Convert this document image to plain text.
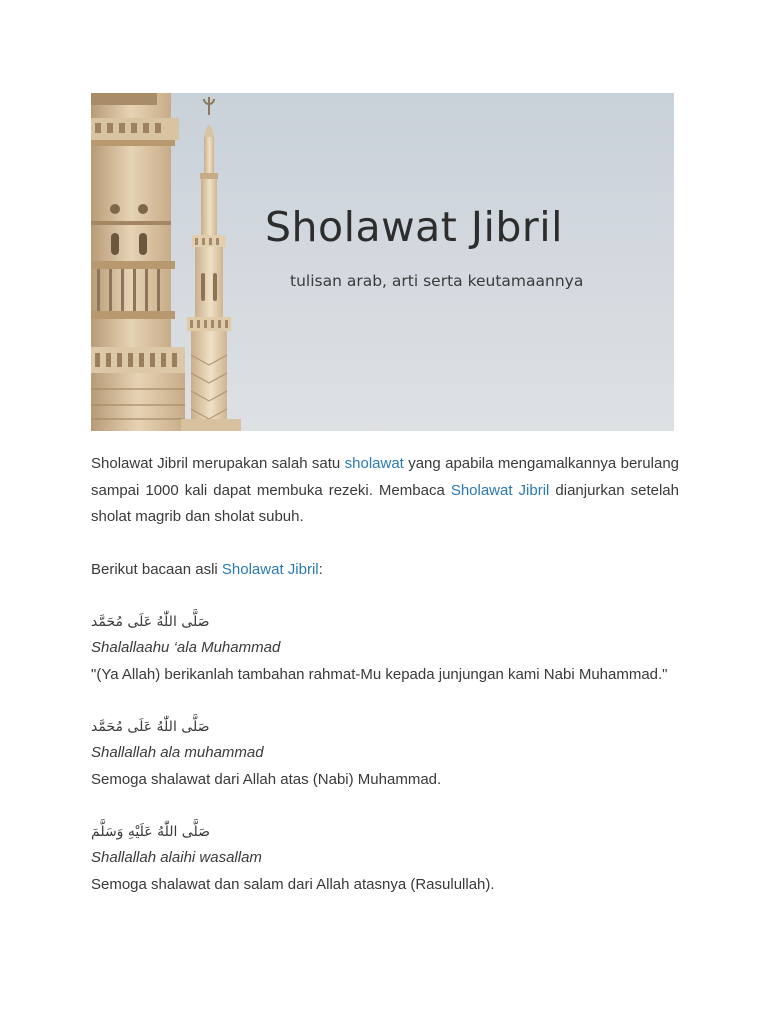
Sholawat Jibril
tulisan arab, arti serta keutamaannya

Sholawat Jibril merupakan salah satu sholawat yang apabila mengamalkannya berulang sampai 1000 kali dapat membuka rezeki. Membaca Sholawat Jibril dianjurkan setelah sholat magrib dan sholat subuh.

Berikut bacaan asli Sholawat Jibril:

صَلَّى اللّٰهُ عَلَى مُحَمَّد

Shalallaahu ‘ala Muhammad

"(Ya Allah) berikanlah tambahan rahmat-Mu kepada junjungan kami Nabi Muhammad."

صَلَّى اللّٰهُ عَلَى مُحَمَّد

Shallallah ala muhammad

Semoga shalawat dari Allah atas (Nabi) Muhammad.

صَلَّى اللّٰهُ عَلَيْهِ وَسَلَّمَ

Shallallah alaihi wasallam

Semoga shalawat dan salam dari Allah atasnya (Rasulullah).
